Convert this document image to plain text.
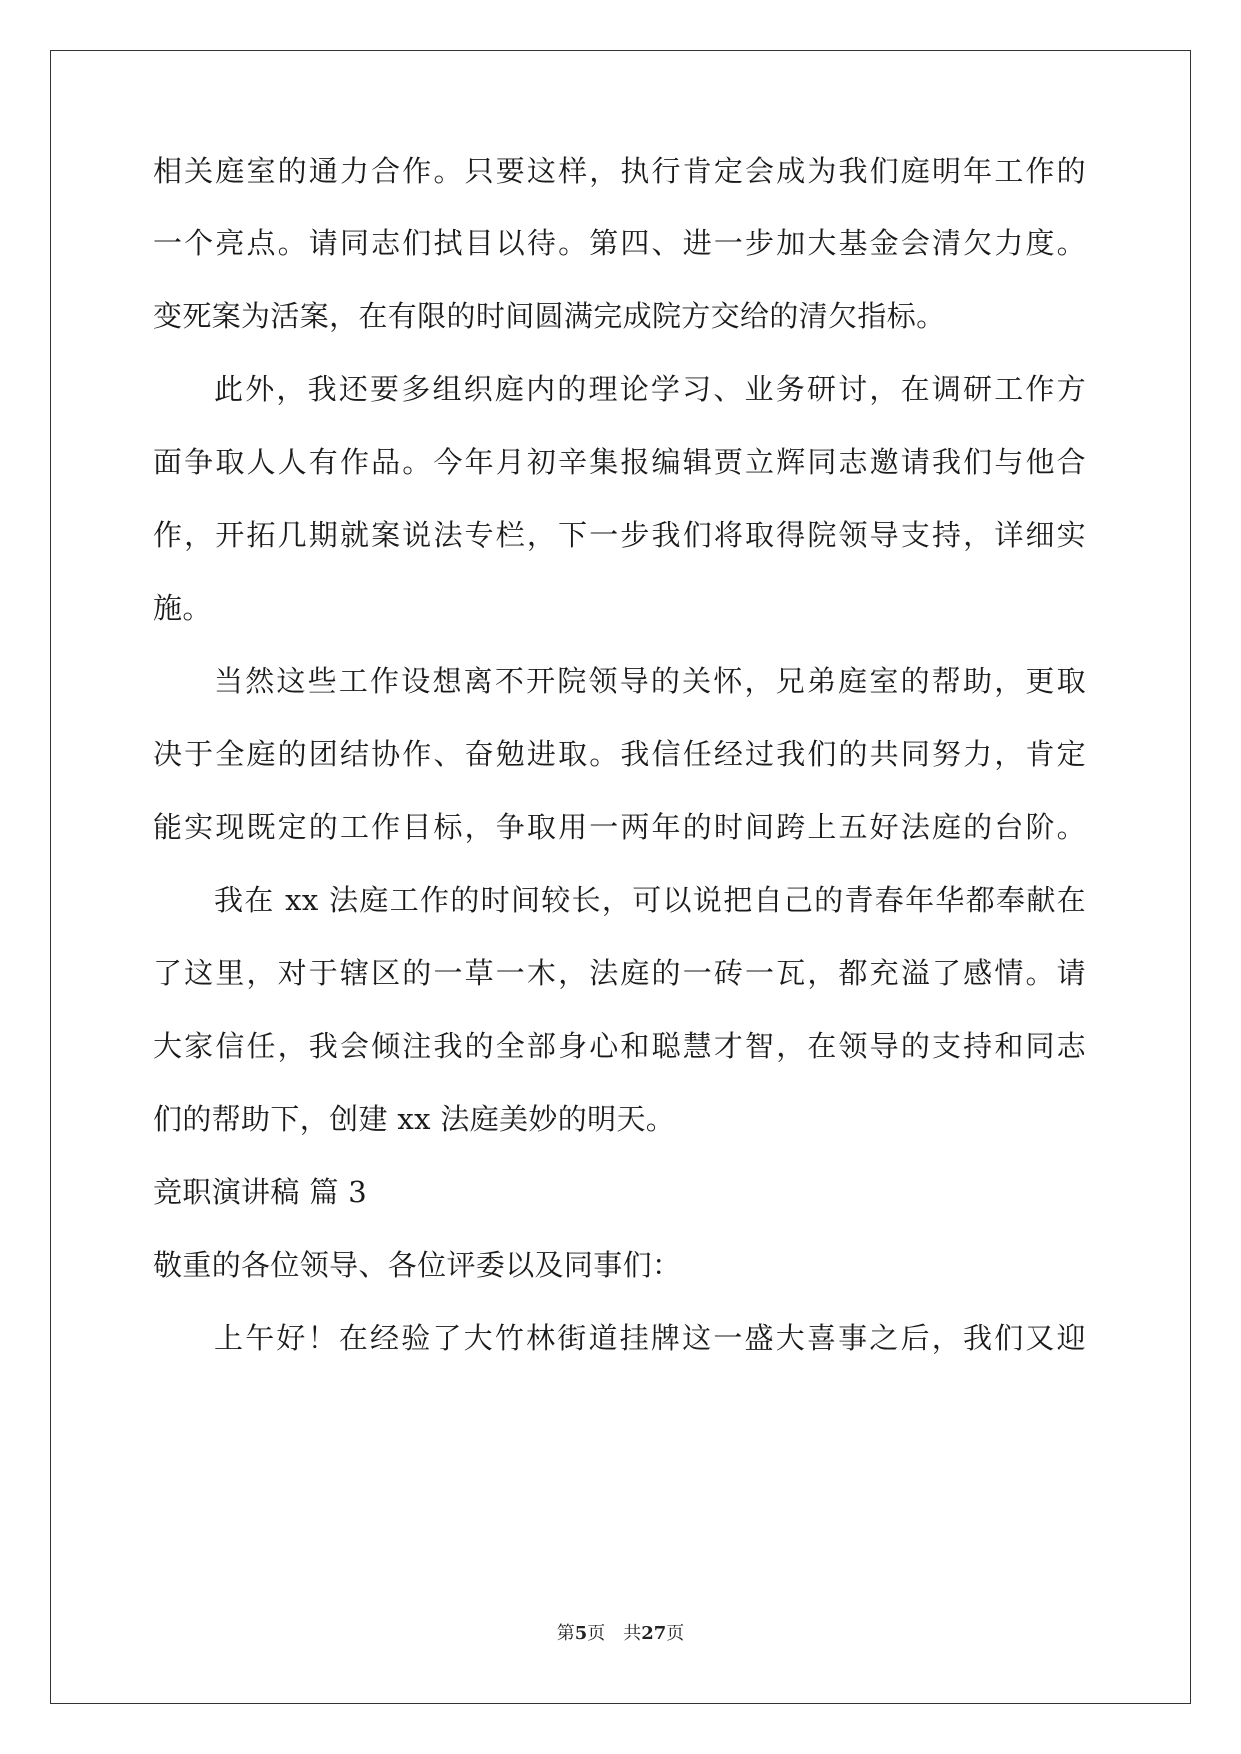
相关庭室的通力合作。只要这样，执行肯定会成为我们庭明年工作的
一个亮点。请同志们拭目以待。第四、进一步加大基金会清欠力度。
变死案为活案，在有限的时间圆满完成院方交给的清欠指标。
此外，我还要多组织庭内的理论学习、业务研讨，在调研工作方
面争取人人有作品。今年月初辛集报编辑贾立辉同志邀请我们与他合
作，开拓几期就案说法专栏，下一步我们将取得院领导支持，详细实
施。
当然这些工作设想离不开院领导的关怀，兄弟庭室的帮助，更取
决于全庭的团结协作、奋勉进取。我信任经过我们的共同努力，肯定
能实现既定的工作目标，争取用一两年的时间跨上五好法庭的台阶。
我在 xx 法庭工作的时间较长，可以说把自己的青春年华都奉献在
了这里，对于辖区的一草一木，法庭的一砖一瓦，都充溢了感情。请
大家信任，我会倾注我的全部身心和聪慧才智，在领导的支持和同志
们的帮助下，创建 xx 法庭美妙的明天。
竞职演讲稿 篇 3
敬重的各位领导、各位评委以及同事们：
上午好！在经验了大竹林街道挂牌这一盛大喜事之后，我们又迎
第5页 共27页
